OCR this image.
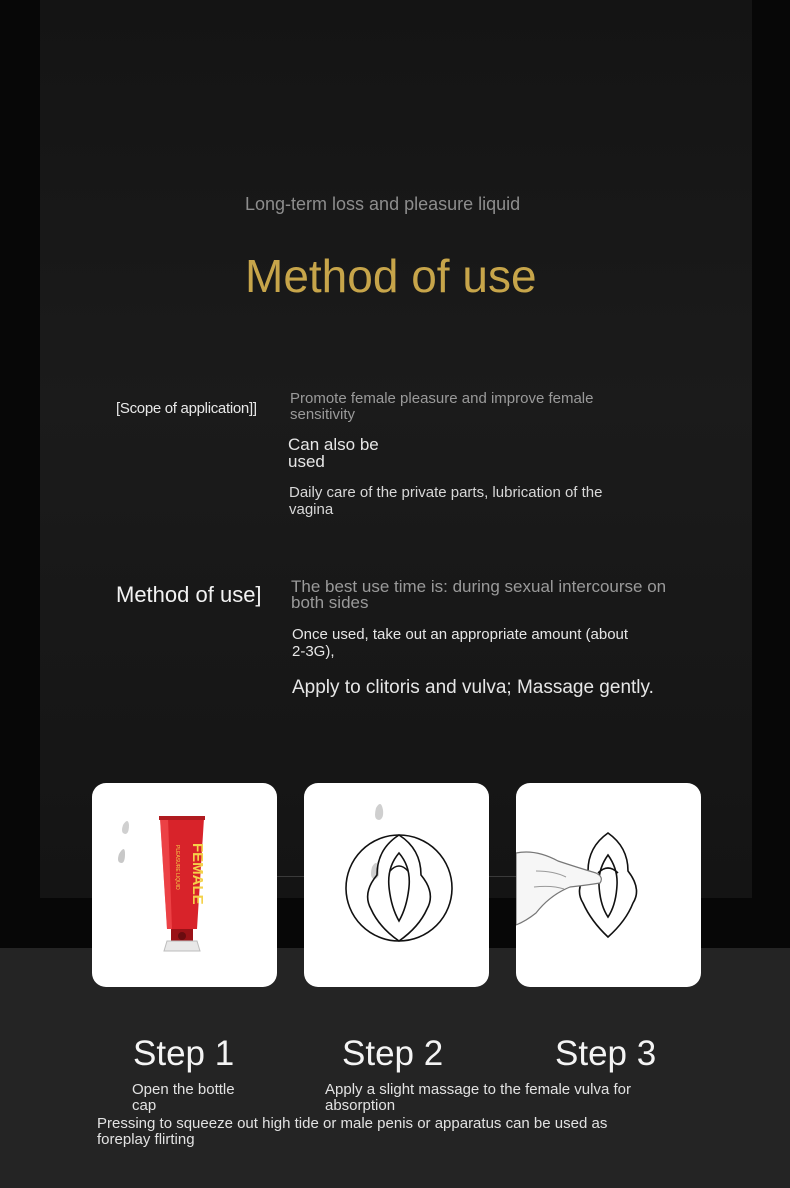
Long-term loss and pleasure liquid

Method of use
[Scope of application]]

Promote female pleasure and improve female sensitivity

Can also be used

Daily care of the private parts, lubrication of the vagina

Method of use] The best use time is: during sexual intercourse on both sides

Once used, take out an appropriate amount (about 2-3G),

Apply to clitoris and vulva; Massage gently.

FEMALE
PLEASURE LIQUID
Step 1	Step 2	Step 3

Open the bottle cap

Apply a slight massage to the female vulva for absorption

Pressing to squeeze out high tide or male penis or apparatus can be used as foreplay flirting
